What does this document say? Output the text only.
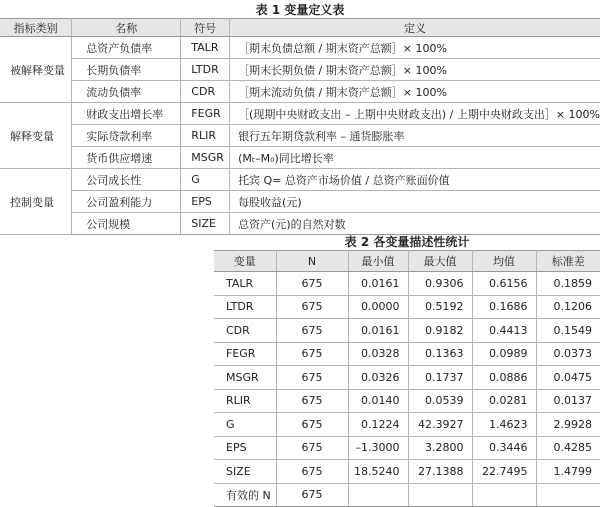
表 1 变量定义表
指标类别	名称	符号	定义
被解释变量	总资产负债率	TALR	［期末负债总额 / 期末资产总额］× 100%
	长期负债率	LTDR	［期末长期负债 / 期末资产总额］× 100%
	流动负债率	CDR	［期末流动负债 / 期末资产总额］× 100%
解释变量	财政支出增长率	FEGR	［(现期中央财政支出 – 上期中央财政支出) / 上期中央财政支出］× 100%
	实际贷款利率	RLIR	银行五年期贷款利率 – 通货膨胀率
	货币供应增速	MSGR	(Mₜ–M₀)同比增长率
控制变量	公司成长性	G	托宾 Q= 总资产市场价值 / 总资产账面价值
	公司盈利能力	EPS	每股收益(元)
	公司规模	SIZE	总资产(元)的自然对数
表 2 各变量描述性统计
变量	N	最小值	最大值	均值	标准差
TALR	675	0.0161	0.9306	0.6156	0.1859
LTDR	675	0.0000	0.5192	0.1686	0.1206
CDR	675	0.0161	0.9182	0.4413	0.1549
FEGR	675	0.0328	0.1363	0.0989	0.0373
MSGR	675	0.0326	0.1737	0.0886	0.0475
RLIR	675	0.0140	0.0539	0.0281	0.0137
G	675	0.1224	42.3927	1.4623	2.9928
EPS	675	–1.3000	3.2800	0.3446	0.4285
SIZE	675	18.5240	27.1388	22.7495	1.4799
有效的 N	675				
